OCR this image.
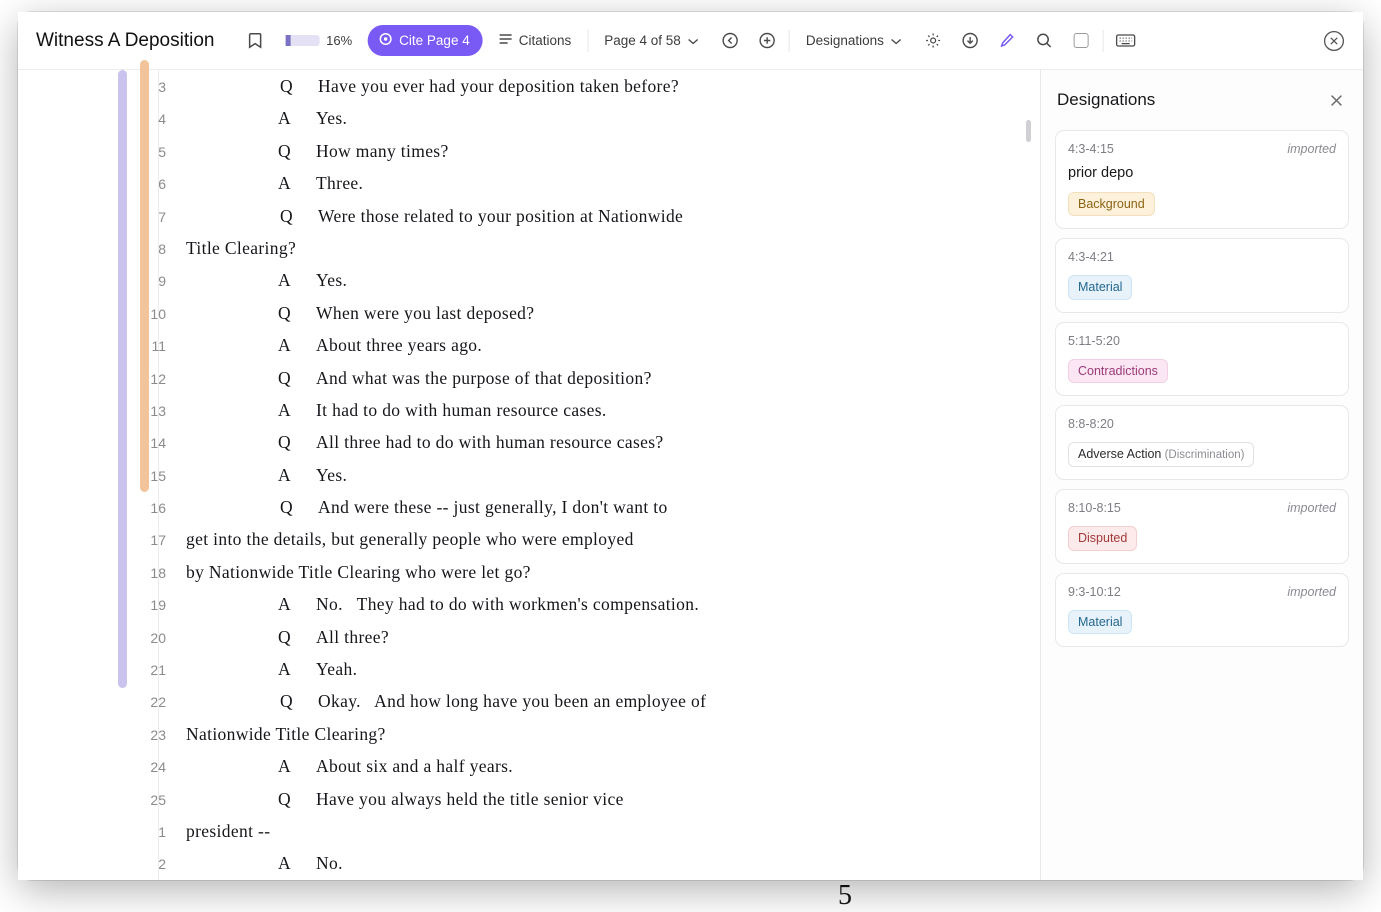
Witness A Deposition	16%	Cite Page 4	Citations Page 4 of 58	Designations
3	Q Have you ever had your deposition taken before?
4	A Yes.
5	Q How many times?
6	A Three.
7	Q Were those related to your position at Nationwide
8	Title Clearing?
9	A Yes.
10	Q When were you last deposed?
11	A About three years ago.
12	Q And what was the purpose of that deposition?
13	A It had to do with human resource cases.
14	Q All three had to do with human resource cases?
15	A Yes.
16	Q And were these -- just generally, I don't want to
17	get into the details, but generally people who were employed
18	by Nationwide Title Clearing who were let go?
19	A No.   They had to do with workmen's compensation.
20	Q All three?
21	A Yeah.
22	Q Okay.   And how long have you been an employee of
23	Nationwide Title Clearing?
24	A About six and a half years.
25	Q Have you always held the title senior vice
1	president --
2	A No.
5
Designations
4:3-4:15	imported
prior depo
Background
4:3-4:21
Material
5:11-5:20
Contradictions
8:8-8:20
Adverse Action (Discrimination)
8:10-8:15	imported
Disputed
9:3-10:12	imported
Material
